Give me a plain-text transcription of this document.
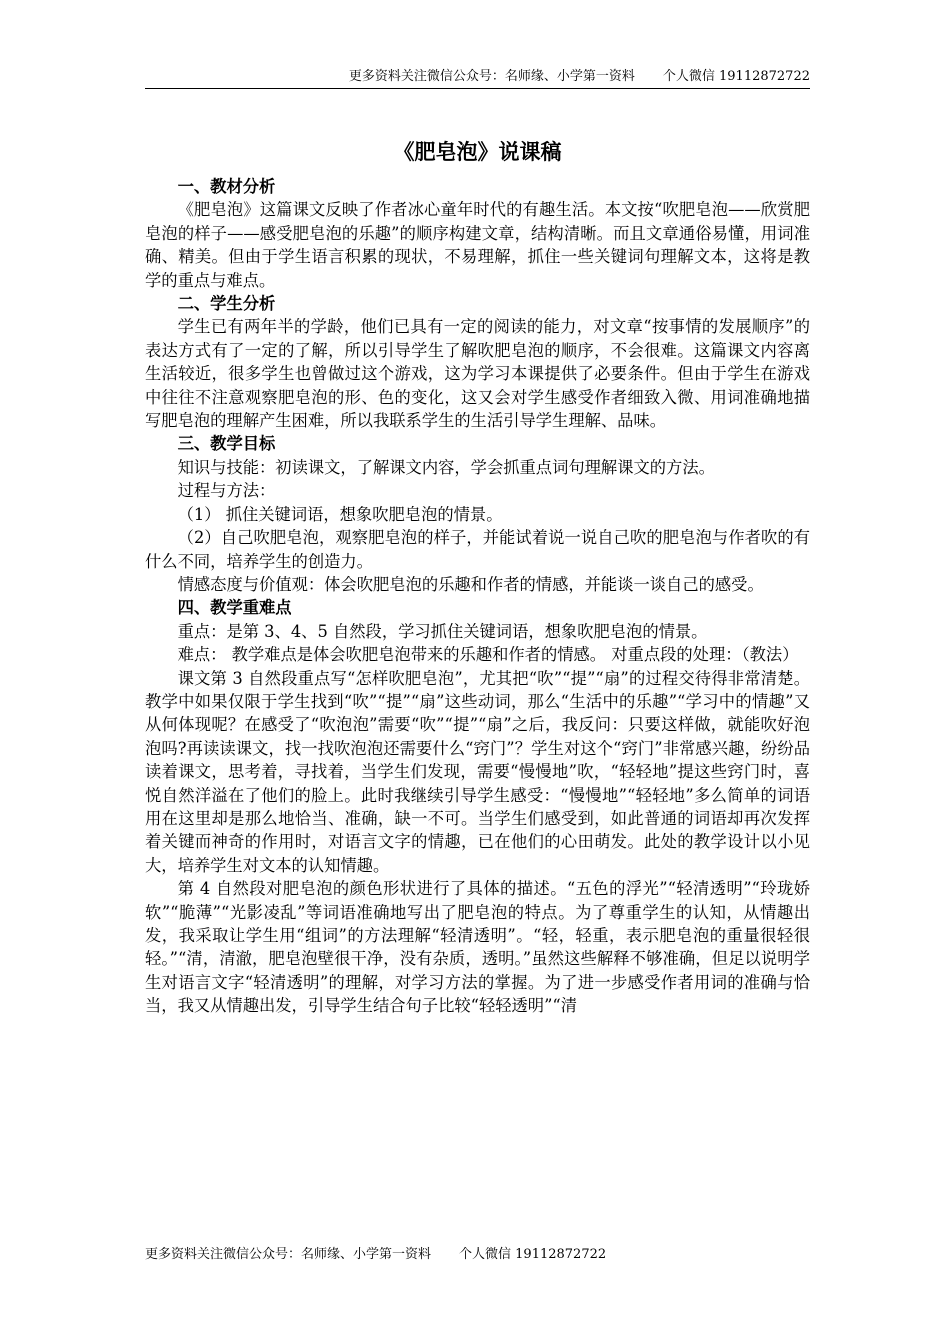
更多资料关注微信公众号：名师缘、小学第一资料 个人微信 19112872722
《肥皂泡》说课稿
一、教材分析

《肥皂泡》这篇课文反映了作者冰心童年时代的有趣生活。本文按“吹肥皂泡——欣赏肥皂泡的样子——感受肥皂泡的乐趣”的顺序构建文章，结构清晰。而且文章通俗易懂，用词准确、精美。但由于学生语言积累的现状，不易理解，抓住一些关键词句理解文本，这将是教学的重点与难点。

二、学生分析

学生已有两年半的学龄，他们已具有一定的阅读的能力，对文章“按事情的发展顺序”的表达方式有了一定的了解，所以引导学生了解吹肥皂泡的顺序，不会很难。这篇课文内容离生活较近，很多学生也曾做过这个游戏，这为学习本课提供了必要条件。但由于学生在游戏中往往不注意观察肥皂泡的形、色的变化，这又会对学生感受作者细致入微、用词准确地描写肥皂泡的理解产生困难，所以我联系学生的生活引导学生理解、品味。

三、教学目标

知识与技能：初读课文，了解课文内容，学会抓重点词句理解课文的方法。

过程与方法：

（1） 抓住关键词语，想象吹肥皂泡的情景。

（2）自己吹肥皂泡，观察肥皂泡的样子，并能试着说一说自己吹的肥皂泡与作者吹的有什么不同，培养学生的创造力。

情感态度与价值观：体会吹肥皂泡的乐趣和作者的情感，并能谈一谈自己的感受。

四、教学重难点

重点：是第 3、4、5 自然段，学习抓住关键词语，想象吹肥皂泡的情景。

难点： 教学难点是体会吹肥皂泡带来的乐趣和作者的情感。 对重点段的处理：（教法）

课文第 3 自然段重点写“怎样吹肥皂泡”，尤其把“吹”“提”“扇”的过程交待得非常清楚。教学中如果仅限于学生找到“吹”“提”“扇”这些动词，那么“生活中的乐趣”“学习中的情趣”又从何体现呢？在感受了“吹泡泡”需要“吹”“提”“扇”之后，我反问：只要这样做，就能吹好泡泡吗?再读读课文，找一找吹泡泡还需要什么“窍门”？学生对这个“窍门”非常感兴趣，纷纷品读着课文，思考着，寻找着，当学生们发现，需要“慢慢地”吹，“轻轻地”提这些窍门时，喜悦自然洋溢在了他们的脸上。此时我继续引导学生感受：“慢慢地”“轻轻地”多么简单的词语用在这里却是那么地恰当、准确，缺一不可。当学生们感受到，如此普通的词语却再次发挥着关键而神奇的作用时，对语言文字的情趣，已在他们的心田萌发。此处的教学设计以小见大，培养学生对文本的认知情趣。

第 4 自然段对肥皂泡的颜色形状进行了具体的描述。“五色的浮光”“轻清透明”“玲珑娇软”“脆薄”“光影凌乱”等词语准确地写出了肥皂泡的特点。为了尊重学生的认知，从情趣出发，我采取让学生用“组词”的方法理解“轻清透明”。“轻，轻重，表示肥皂泡的重量很轻很轻。”“清，清澈，肥皂泡壁很干净，没有杂质，透明。”虽然这些解释不够准确，但足以说明学生对语言文字“轻清透明”的理解，对学习方法的掌握。为了进一步感受作者用词的准确与恰当，我又从情趣出发，引导学生结合句子比较“轻轻透明”“清

更多资料关注微信公众号：名师缘、小学第一资料 个人微信 19112872722
